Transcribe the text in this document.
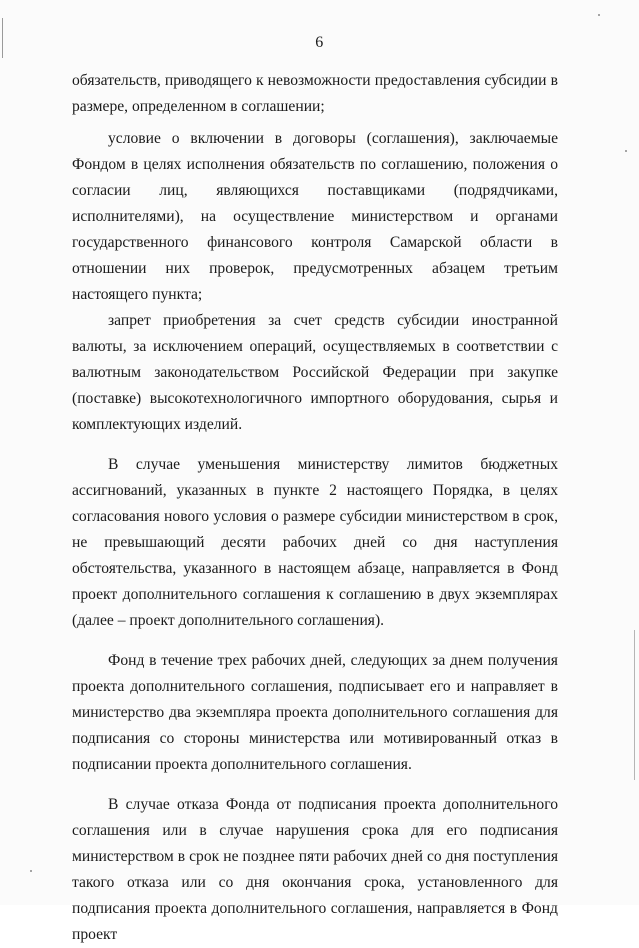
6

обязательств, приводящего к невозможности предоставления субсидии в размере, определенном в соглашении;

условие о включении в договоры (соглашения), заключаемые Фондом в целях исполнения обязательств по соглашению, положения о согласии лиц, являющихся поставщиками (подрядчиками, исполнителями), на осуществление министерством и органами государственного финансового контроля Самарской области в отношении них проверок, предусмотренных абзацем третьим настоящего пункта;

запрет приобретения за счет средств субсидии иностранной валюты, за исключением операций, осуществляемых в соответствии с валютным законодательством Российской Федерации при закупке (поставке) высокотехнологичного импортного оборудования, сырья и комплектующих изделий.

В случае уменьшения министерству лимитов бюджетных ассигнований, указанных в пункте 2 настоящего Порядка, в целях согласования нового условия о размере субсидии министерством в срок, не превышающий десяти рабочих дней со дня наступления обстоятельства, указанного в настоящем абзаце, направляется в Фонд проект дополнительного соглашения к соглашению в двух экземплярах (далее – проект дополнительного соглашения).

Фонд в течение трех рабочих дней, следующих за днем получения проекта дополнительного соглашения, подписывает его и направляет в министерство два экземпляра проекта дополнительного соглашения для подписания со стороны министерства или мотивированный отказ в подписании проекта дополнительного соглашения.

В случае отказа Фонда от подписания проекта дополнительного соглашения или в случае нарушения срока для его подписания министерством в срок не позднее пяти рабочих дней со дня поступления такого отказа или со дня окончания срока, установленного для подписания проекта дополнительного соглашения, направляется в Фонд проект
